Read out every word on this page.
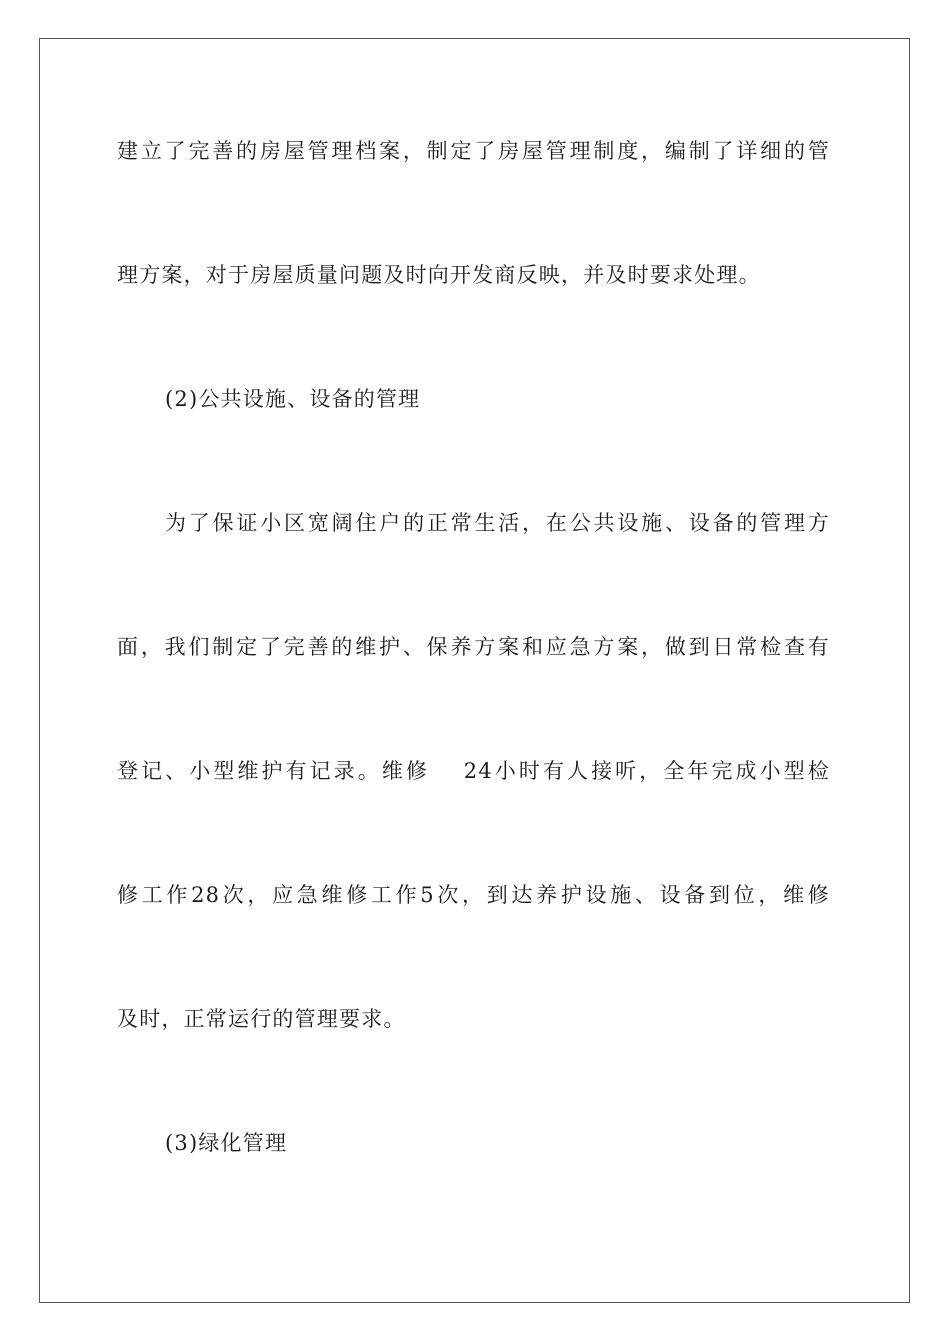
建立了完善的房屋管理档案，制定了房屋管理制度，编制了详细的管
理方案，对于房屋质量问题及时向开发商反映，并及时要求处理。
(2)公共设施、设备的管理
为了保证小区宽阔住户的正常生活，在公共设施、设备的管理方
面，我们制定了完善的维护、保养方案和应急方案，做到日常检查有
登记、小型维护有记录。维修　 24小时有人接听，全年完成小型检
修工作28次，应急维修工作5次，到达养护设施、设备到位，维修
及时，正常运行的管理要求。
(3)绿化管理
